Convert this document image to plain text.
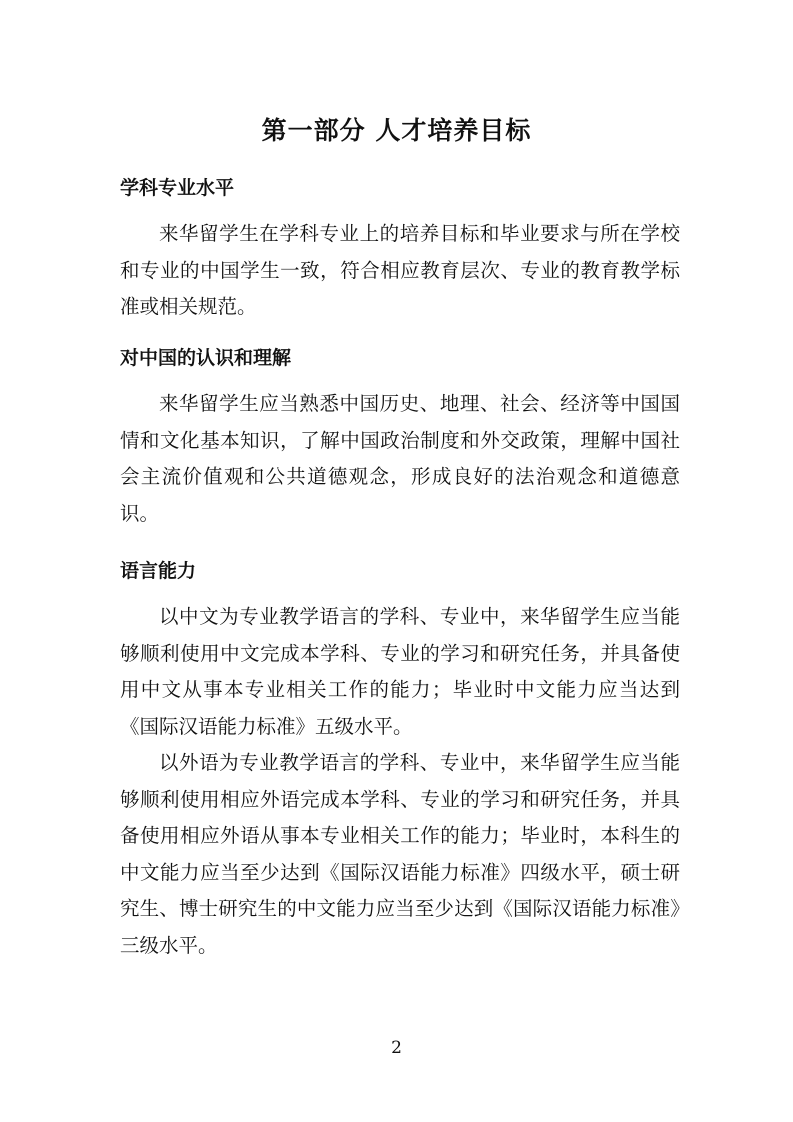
第一部分 人才培养目标
学科专业水平

来华留学生在学科专业上的培养目标和毕业要求与所在学校和专业的中国学生一致，符合相应教育层次、专业的教育教学标准或相关规范。

对中国的认识和理解

来华留学生应当熟悉中国历史、地理、社会、经济等中国国情和文化基本知识，了解中国政治制度和外交政策，理解中国社会主流价值观和公共道德观念，形成良好的法治观念和道德意识。

语言能力

以中文为专业教学语言的学科、专业中，来华留学生应当能够顺利使用中文完成本学科、专业的学习和研究任务，并具备使用中文从事本专业相关工作的能力；毕业时中文能力应当达到《国际汉语能力标准》五级水平。

以外语为专业教学语言的学科、专业中，来华留学生应当能够顺利使用相应外语完成本学科、专业的学习和研究任务，并具备使用相应外语从事本专业相关工作的能力；毕业时，本科生的中文能力应当至少达到《国际汉语能力标准》四级水平，硕士研究生、博士研究生的中文能力应当至少达到《国际汉语能力标准》三级水平。

2
